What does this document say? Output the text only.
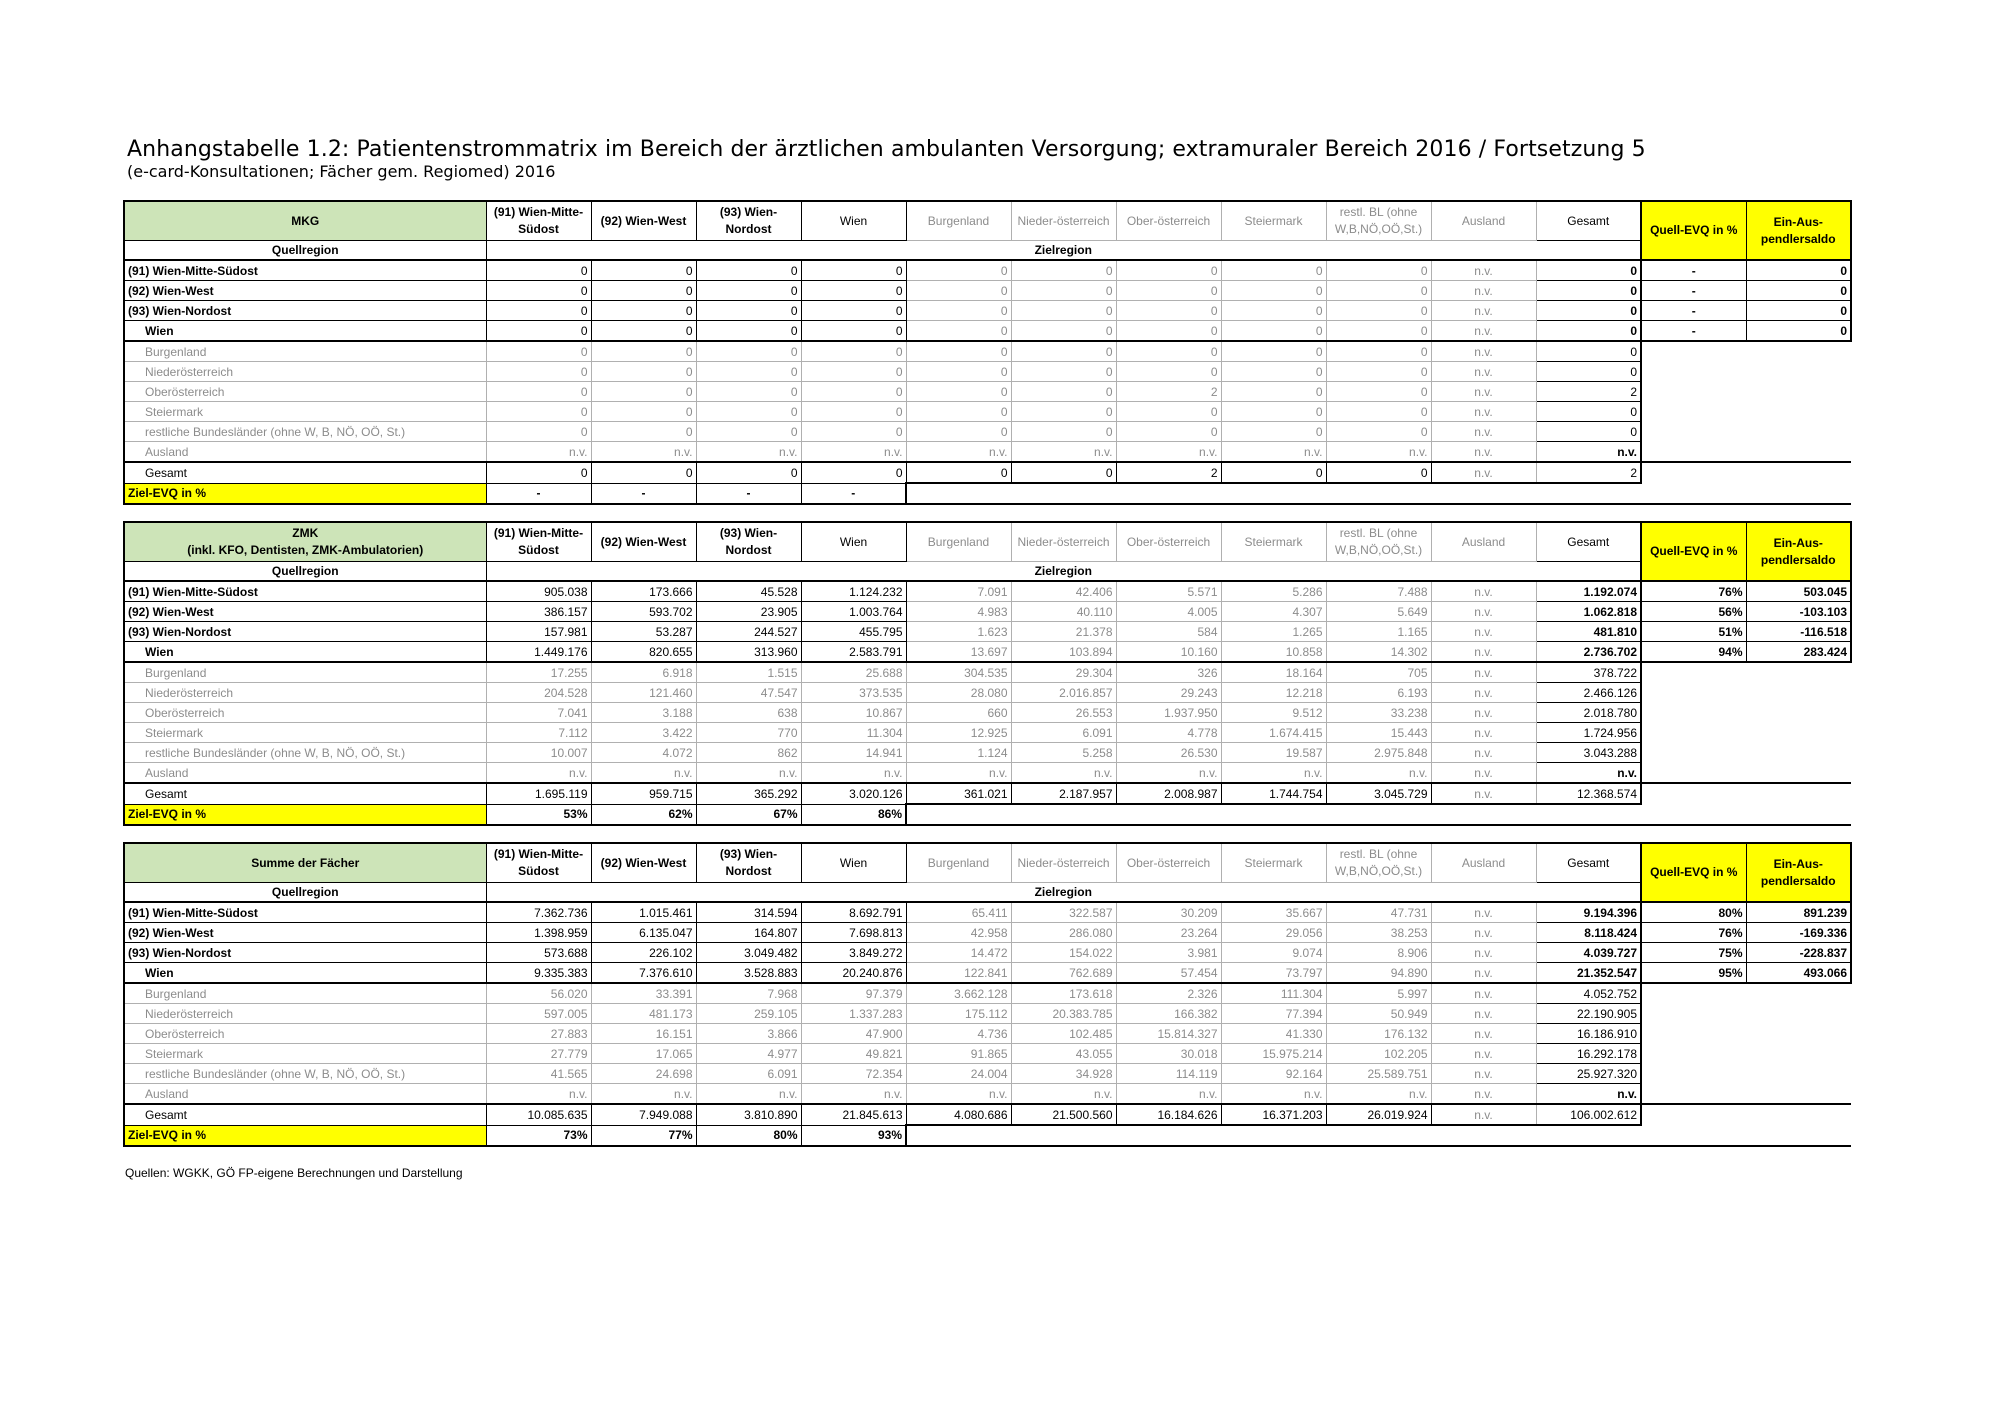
Anhangstabelle 1.2: Patientenstrommatrix im Bereich der ärztlichen ambulanten Versorgung; extramuraler Bereich 2016 / Fortsetzung 5
(e-card-Konsultationen; Fächer gem. Regiomed) 2016
MKG	(91) Wien-Mitte-Südost	(92) Wien-West	(93) Wien-Nordost	Wien	Burgenland	Nieder-österreich	Ober-österreich	Steiermark	restl. BL (ohne W,B,NÖ,OÖ,St.)	Ausland	Gesamt	Quell-EVQ in %	Ein-Aus-pendlersaldo
Quellregion	Zielregion												
(91) Wien-Mitte-Südost	0	0	0	0	0	0	0	0	0	n.v.	0	-	0
(92) Wien-West	0	0	0	0	0	0	0	0	0	n.v.	0	-	0
(93) Wien-Nordost	0	0	0	0	0	0	0	0	0	n.v.	0	-	0
Wien	0	0	0	0	0	0	0	0	0	n.v.	0	-	0
Burgenland	0	0	0	0	0	0	0	0	0	n.v.	0		
Niederösterreich	0	0	0	0	0	0	0	0	0	n.v.	0		
Oberösterreich	0	0	0	0	0	0	2	0	0	n.v.	2		
Steiermark	0	0	0	0	0	0	0	0	0	n.v.	0		
restliche Bundesländer (ohne W, B, NÖ, OÖ, St.)	0	0	0	0	0	0	0	0	0	n.v.	0		
Ausland	n.v.	n.v.	n.v.	n.v.	n.v.	n.v.	n.v.	n.v.	n.v.	n.v.	n.v.		
Gesamt	0	0	0	0	0	0	2	0	0	n.v.	2		
Ziel-EVQ in %	-	-	-	-									
ZMK
(inkl. KFO, Dentisten, ZMK-Ambulatorien)	(91) Wien-Mitte-Südost	(92) Wien-West	(93) Wien-Nordost	Wien	Burgenland	Nieder-österreich	Ober-österreich	Steiermark	restl. BL (ohne W,B,NÖ,OÖ,St.)	Ausland	Gesamt	Quell-EVQ in %	Ein-Aus-pendlersaldo
Quellregion	Zielregion												
(91) Wien-Mitte-Südost	905.038	173.666	45.528	1.124.232	7.091	42.406	5.571	5.286	7.488	n.v.	1.192.074	76%	503.045
(92) Wien-West	386.157	593.702	23.905	1.003.764	4.983	40.110	4.005	4.307	5.649	n.v.	1.062.818	56%	-103.103
(93) Wien-Nordost	157.981	53.287	244.527	455.795	1.623	21.378	584	1.265	1.165	n.v.	481.810	51%	-116.518
Wien	1.449.176	820.655	313.960	2.583.791	13.697	103.894	10.160	10.858	14.302	n.v.	2.736.702	94%	283.424
Burgenland	17.255	6.918	1.515	25.688	304.535	29.304	326	18.164	705	n.v.	378.722		
Niederösterreich	204.528	121.460	47.547	373.535	28.080	2.016.857	29.243	12.218	6.193	n.v.	2.466.126		
Oberösterreich	7.041	3.188	638	10.867	660	26.553	1.937.950	9.512	33.238	n.v.	2.018.780		
Steiermark	7.112	3.422	770	11.304	12.925	6.091	4.778	1.674.415	15.443	n.v.	1.724.956		
restliche Bundesländer (ohne W, B, NÖ, OÖ, St.)	10.007	4.072	862	14.941	1.124	5.258	26.530	19.587	2.975.848	n.v.	3.043.288		
Ausland	n.v.	n.v.	n.v.	n.v.	n.v.	n.v.	n.v.	n.v.	n.v.	n.v.	n.v.		
Gesamt	1.695.119	959.715	365.292	3.020.126	361.021	2.187.957	2.008.987	1.744.754	3.045.729	n.v.	12.368.574		
Ziel-EVQ in %	53%	62%	67%	86%									
Summe der Fächer	(91) Wien-Mitte-Südost	(92) Wien-West	(93) Wien-Nordost	Wien	Burgenland	Nieder-österreich	Ober-österreich	Steiermark	restl. BL (ohne W,B,NÖ,OÖ,St.)	Ausland	Gesamt	Quell-EVQ in %	Ein-Aus-pendlersaldo
Quellregion	Zielregion												
(91) Wien-Mitte-Südost	7.362.736	1.015.461	314.594	8.692.791	65.411	322.587	30.209	35.667	47.731	n.v.	9.194.396	80%	891.239
(92) Wien-West	1.398.959	6.135.047	164.807	7.698.813	42.958	286.080	23.264	29.056	38.253	n.v.	8.118.424	76%	-169.336
(93) Wien-Nordost	573.688	226.102	3.049.482	3.849.272	14.472	154.022	3.981	9.074	8.906	n.v.	4.039.727	75%	-228.837
Wien	9.335.383	7.376.610	3.528.883	20.240.876	122.841	762.689	57.454	73.797	94.890	n.v.	21.352.547	95%	493.066
Burgenland	56.020	33.391	7.968	97.379	3.662.128	173.618	2.326	111.304	5.997	n.v.	4.052.752		
Niederösterreich	597.005	481.173	259.105	1.337.283	175.112	20.383.785	166.382	77.394	50.949	n.v.	22.190.905		
Oberösterreich	27.883	16.151	3.866	47.900	4.736	102.485	15.814.327	41.330	176.132	n.v.	16.186.910		
Steiermark	27.779	17.065	4.977	49.821	91.865	43.055	30.018	15.975.214	102.205	n.v.	16.292.178		
restliche Bundesländer (ohne W, B, NÖ, OÖ, St.)	41.565	24.698	6.091	72.354	24.004	34.928	114.119	92.164	25.589.751	n.v.	25.927.320		
Ausland	n.v.	n.v.	n.v.	n.v.	n.v.	n.v.	n.v.	n.v.	n.v.	n.v.	n.v.		
Gesamt	10.085.635	7.949.088	3.810.890	21.845.613	4.080.686	21.500.560	16.184.626	16.371.203	26.019.924	n.v.	106.002.612		
Ziel-EVQ in %	73%	77%	80%	93%									
Quellen: WGKK, GÖ FP-eigene Berechnungen und Darstellung
